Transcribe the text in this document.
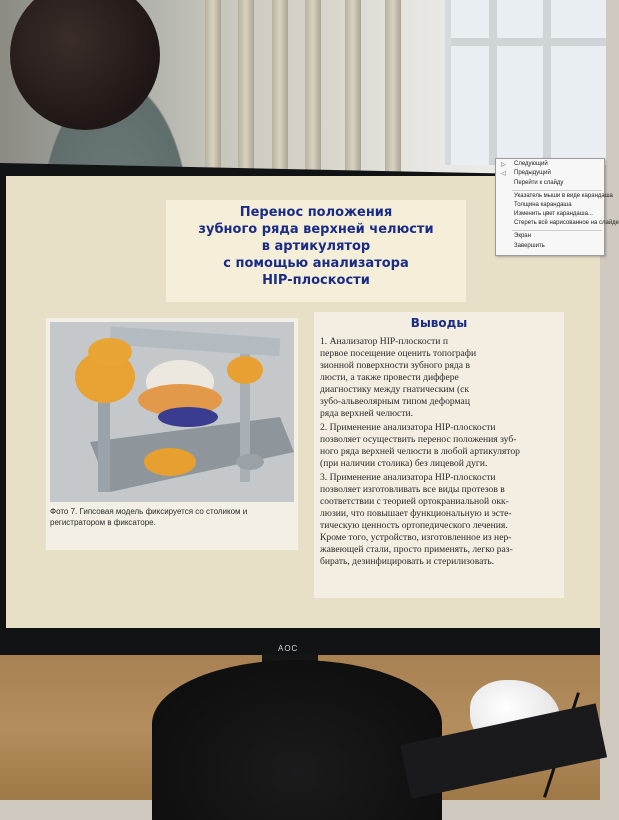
Перенос положения
зубного ряда верхней челюсти
в артикулятор
с помощью анализатора
HIP-плоскости
Фото 7. Гипсовая модель фиксируется со столиком и регистратором в фиксаторе.
Выводы
1. Анализатор HIP-плоскости п
первое посещение оценить топографи
зионной поверхности зубного ряда в
люсти, а также провести диффере
диагностику между гнатическим (ск
зубо-альвеолярным типом деформац
ряда верхней челюсти.
2. Применение анализатора HIP-плоскости
позволяет осуществить перенос положения зуб-
ного ряда верхней челюсти в любой артикулятор
(при наличии столика) без лицевой дуги.
3. Применение анализатора HIP-плоскости
позволяет изготовливать все виды протезов в
соответствии с теорией ортокраниальной окк-
люзии, что повышает функциональную и эсте-
тическую ценность ортопедического лечения.
Кроме того, устройство, изготовленное из нер-
жавеющей стали, просто применять, легко раз-
бирать, дезинфицировать и стерилизовать.
▷ Следующий
◁ Предыдущий
Перейти к слайду
Указатель мыши в виде карандаша
Толщина карандаша
Изменить цвет карандаша...
Стереть всё нарисованное на слайде
Экран
Завершить
AOC
